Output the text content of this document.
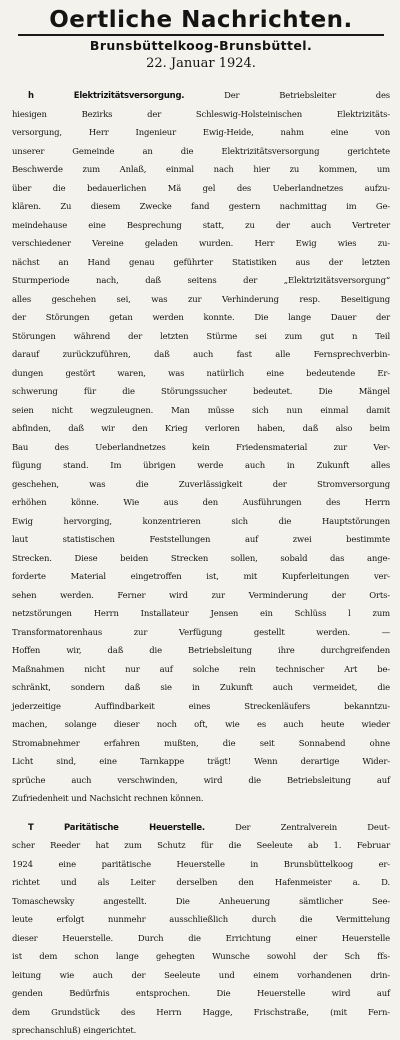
Oertliche Nachrichten.
Brunsbüttelkoog-Brunsbüttel.
22. Januar 1924.
h Elektrizitätsversorgung.	Der Betriebsleiter des
hiesigen Bezirks der Schleswig-Holsteinischen Elektrizitäts-
versorgung, Herr Ingenieur Ewig-Heide, nahm eine von
unserer Gemeinde an die Elektrizitätsversorgung gerichtete
Beschwerde zum Anlaß, einmal nach hier zu kommen, um
über die bedauerlichen Mä gel des Ueberlandnetzes aufzu-
klären. Zu diesem Zwecke fand gestern nachmittag im Ge-
meindehause eine Besprechung statt, zu der auch Vertreter
verschiedener Vereine geladen wurden. Herr Ewig wies zu-
nächst an Hand genau geführter Statistiken aus der letzten
Sturmperiode nach, daß seitens der „Elektrizitätsversorgung“
alles geschehen sei, was zur Verhinderung resp. Beseitigung
der Störungen getan werden konnte. Die lange Dauer der
Störungen während der letzten Stürme sei zum gut n Teil
darauf zurückzuführen, daß auch fast alle Fernsprechverbin-
dungen gestört waren, was natürlich eine bedeutende Er-
schwerung für die Störungssucher bedeutet. Die Mängel
seien nicht wegzuleugnen. Man müsse sich nun einmal damit
abfinden, daß wir den Krieg verloren haben, daß also beim
Bau des Ueberlandnetzes kein Friedensmaterial zur Ver-
fügung stand. Im übrigen werde auch in Zukunft alles
geschehen, was die Zuverlässigkeit der Stromversorgung
erhöhen könne. Wie aus den Ausführungen des Herrn
Ewig hervorging, konzentrieren sich die Hauptstörungen
laut statistischen Feststellungen auf zwei bestimmte
Strecken. Diese beiden Strecken sollen, sobald das ange-
forderte Material eingetroffen ist, mit Kupferleitungen ver-
sehen werden. Ferner wird zur Verminderung der Orts-
netzstörungen Herrn Installateur Jensen ein Schlüss l zum
Transformatorenhaus zur Verfügung gestellt werden. —
Hoffen wir, daß die Betriebsleitung ihre durchgreifenden
Maßnahmen nicht nur auf solche rein technischer Art be-
schränkt, sondern daß sie in Zukunft auch vermeidet, die
jederzeitige Auffindbarkeit eines Streckenläufers bekanntzu-
machen, solange dieser noch oft, wie es auch heute wieder
Stromabnehmer erfahren mußten, die seit Sonnabend ohne
Licht sind, eine Tarnkappe trägt! Wenn derartige Wider-
sprüche auch verschwinden, wird die Betriebsleitung auf
Zufriedenheit und Nachsicht rechnen können.
T Paritätische Heuerstelle.	Der Zentralverein Deut-
scher Reeder hat zum Schutz für die Seeleute ab 1. Februar
1924 eine paritätische Heuerstelle in Brunsbüttelkoog er-
richtet und als Leiter derselben den Hafenmeister a. D.
Tomaschewsky angestellt. Die Anheuerung sämtlicher See-
leute erfolgt nunmehr ausschließlich durch die Vermittelung
dieser Heuerstelle. Durch die Errichtung einer Heuerstelle
ist dem schon lange gehegten Wunsche sowohl der Sch ffs-
leitung wie auch der Seeleute und einem vorhandenen drin-
genden Bedürfnis entsprochen. Die Heuerstelle wird auf
dem Grundstück des Herrn Hagge, Frischstraße, (mit Fern-
sprechanschluß) eingerichtet.
